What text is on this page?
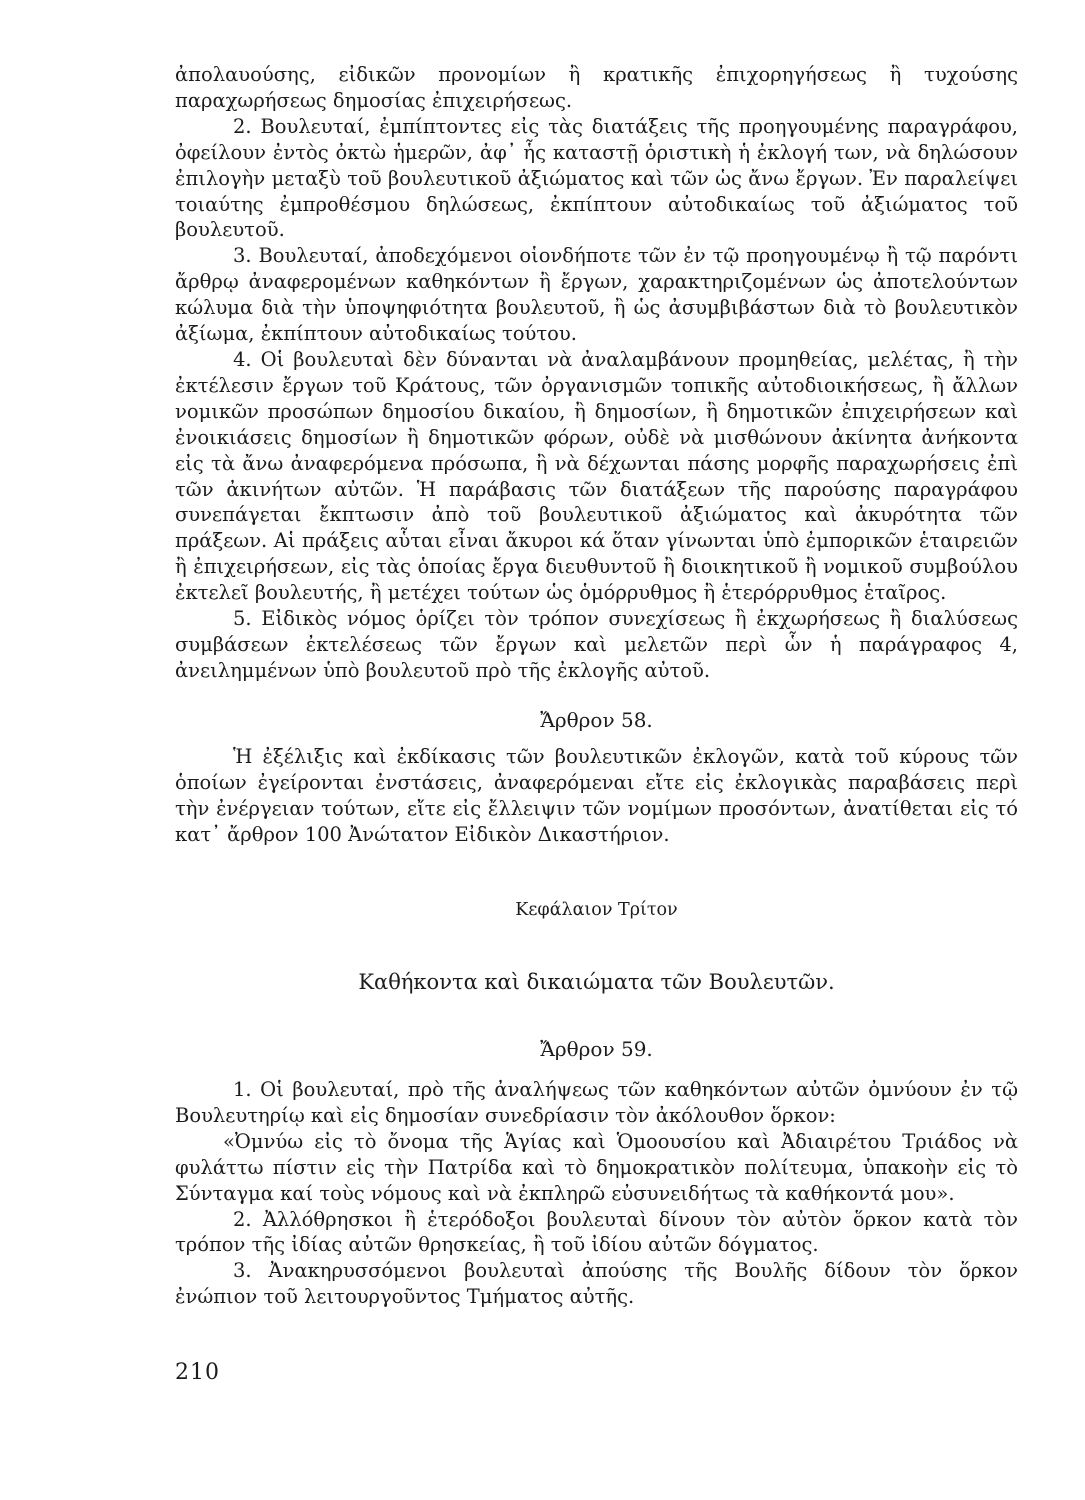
ἀπολαυούσης, εἰδικῶν προνομίων ἢ κρατικῆς ἐπιχορηγήσεως ἢ τυχούσης παραχωρήσεως δημοσίας ἐπιχειρήσεως.

2. Βουλευταί, ἐμπίπτοντες εἰς τὰς διατάξεις τῆς προηγουμένης παραγράφου, ὀφείλουν ἐντὸς ὀκτὼ ἡμερῶν, ἀφ᾽ ἧς καταστῇ ὁριστικὴ ἡ ἐκλογή των, νὰ δηλώσουν ἐπιλογὴν μεταξὺ τοῦ βουλευτικοῦ ἀξιώματος καὶ τῶν ὡς ἄνω ἔργων. Ἐν παραλείψει τοιαύτης ἐμπροθέσμου δηλώσεως, ἐκπίπτουν αὐτοδικαίως τοῦ ἀξιώματος τοῦ βουλευτοῦ.

3. Βουλευταί, ἀποδεχόμενοι οἱονδήποτε τῶν ἐν τῷ προηγουμένῳ ἢ τῷ παρόντι ἄρθρῳ ἀναφερομένων καθηκόντων ἢ ἔργων, χαρακτηριζομένων ὡς ἀποτελούντων κώλυμα διὰ τὴν ὑποψηφιότητα βουλευτοῦ, ἢ ὡς ἀσυμβιβάστων διὰ τὸ βουλευτικὸν ἀξίωμα, ἐκπίπτουν αὐτοδικαίως τούτου.

4. Οἱ βουλευταὶ δὲν δύνανται νὰ ἀναλαμβάνουν προμηθείας, μελέτας, ἢ τὴν ἐκτέλεσιν ἔργων τοῦ Κράτους, τῶν ὀργανισμῶν τοπικῆς αὐτοδιοικήσεως, ἢ ἄλλων νομικῶν προσώπων δημοσίου δικαίου, ἢ δημοσίων, ἢ δημοτικῶν ἐπιχειρήσεων καὶ ἐνοικιάσεις δημοσίων ἢ δημοτικῶν φόρων, οὐδὲ νὰ μισθώνουν ἀκίνητα ἀνήκοντα εἰς τὰ ἄνω ἀναφερόμενα πρόσωπα, ἢ νὰ δέχωνται πάσης μορφῆς παραχωρήσεις ἐπὶ τῶν ἀκινήτων αὐτῶν. Ἡ παράβασις τῶν διατάξεων τῆς παρούσης παραγράφου συνεπάγεται ἔκπτωσιν ἀπὸ τοῦ βουλευτικοῦ ἀξιώματος καὶ ἀκυρότητα τῶν πράξεων. Αἱ πράξεις αὗται εἶναι ἄκυροι κά ὅταν γίνωνται ὑπὸ ἐμπορικῶν ἑταιρειῶν ἢ ἐπιχειρήσεων, εἰς τὰς ὁποίας ἔργα διευθυντοῦ ἢ διοικητικοῦ ἢ νομικοῦ συμβούλου ἐκτελεῖ βουλευτής, ἢ μετέχει τούτων ὡς ὁμόρρυθμος ἢ ἑτερόρρυθμος ἑταῖρος.

5. Εἰδικὸς νόμος ὁρίζει τὸν τρόπον συνεχίσεως ἢ ἐκχωρήσεως ἢ διαλύσεως συμβάσεων ἐκτελέσεως τῶν ἔργων καὶ μελετῶν περὶ ὧν ἡ παράγραφος 4, ἀνειλημμένων ὑπὸ βουλευτοῦ πρὸ τῆς ἐκλογῆς αὐτοῦ.

Ἄρθρον 58.

Ἡ ἐξέλιξις καὶ ἐκδίκασις τῶν βουλευτικῶν ἐκλογῶν, κατὰ τοῦ κύρους τῶν ὁποίων ἐγείρονται ἐνστάσεις, ἀναφερόμεναι εἴτε εἰς ἐκλογικὰς παραβάσεις περὶ τὴν ἐνέργειαν τούτων, εἴτε εἰς ἔλλειψιν τῶν νομίμων προσόντων, ἀνατίθεται εἰς τό κατ᾽ ἄρθρον 100 Ἀνώτατον Εἰδικὸν Δικαστήριον.

Κεφάλαιον Τρίτον

Καθήκοντα καὶ δικαιώματα τῶν Βουλευτῶν.

Ἄρθρον 59.

1. Οἱ βουλευταί, πρὸ τῆς ἀναλήψεως τῶν καθηκόντων αὐτῶν ὀμνύουν ἐν τῷ Βουλευτηρίῳ καὶ εἰς δημοσίαν συνεδρίασιν τὸν ἀκόλουθον ὅρκον:

«Ὀμνύω εἰς τὸ ὄνομα τῆς Ἁγίας καὶ Ὁμοουσίου καὶ Ἀδιαιρέτου Τριάδος νὰ φυλάττω πίστιν εἰς τὴν Πατρίδα καὶ τὸ δημοκρατικὸν πολίτευμα, ὑπακοὴν εἰς τὸ Σύνταγμα καί τοὺς νόμους καὶ νὰ ἐκπληρῶ εὐσυνειδήτως τὰ καθήκοντά μου».

2. Ἀλλόθρησκοι ἢ ἑτερόδοξοι βουλευταὶ δίνουν τὸν αὐτὸν ὅρκον κατὰ τὸν τρόπον τῆς ἰδίας αὐτῶν θρησκείας, ἢ τοῦ ἰδίου αὐτῶν δόγματος.

3. Ἀνακηρυσσόμενοι βουλευταὶ ἀπούσης τῆς Βουλῆς δίδουν τὸν ὅρκον ἐνώπιον τοῦ λειτουργοῦντος Τμήματος αὐτῆς.

210
